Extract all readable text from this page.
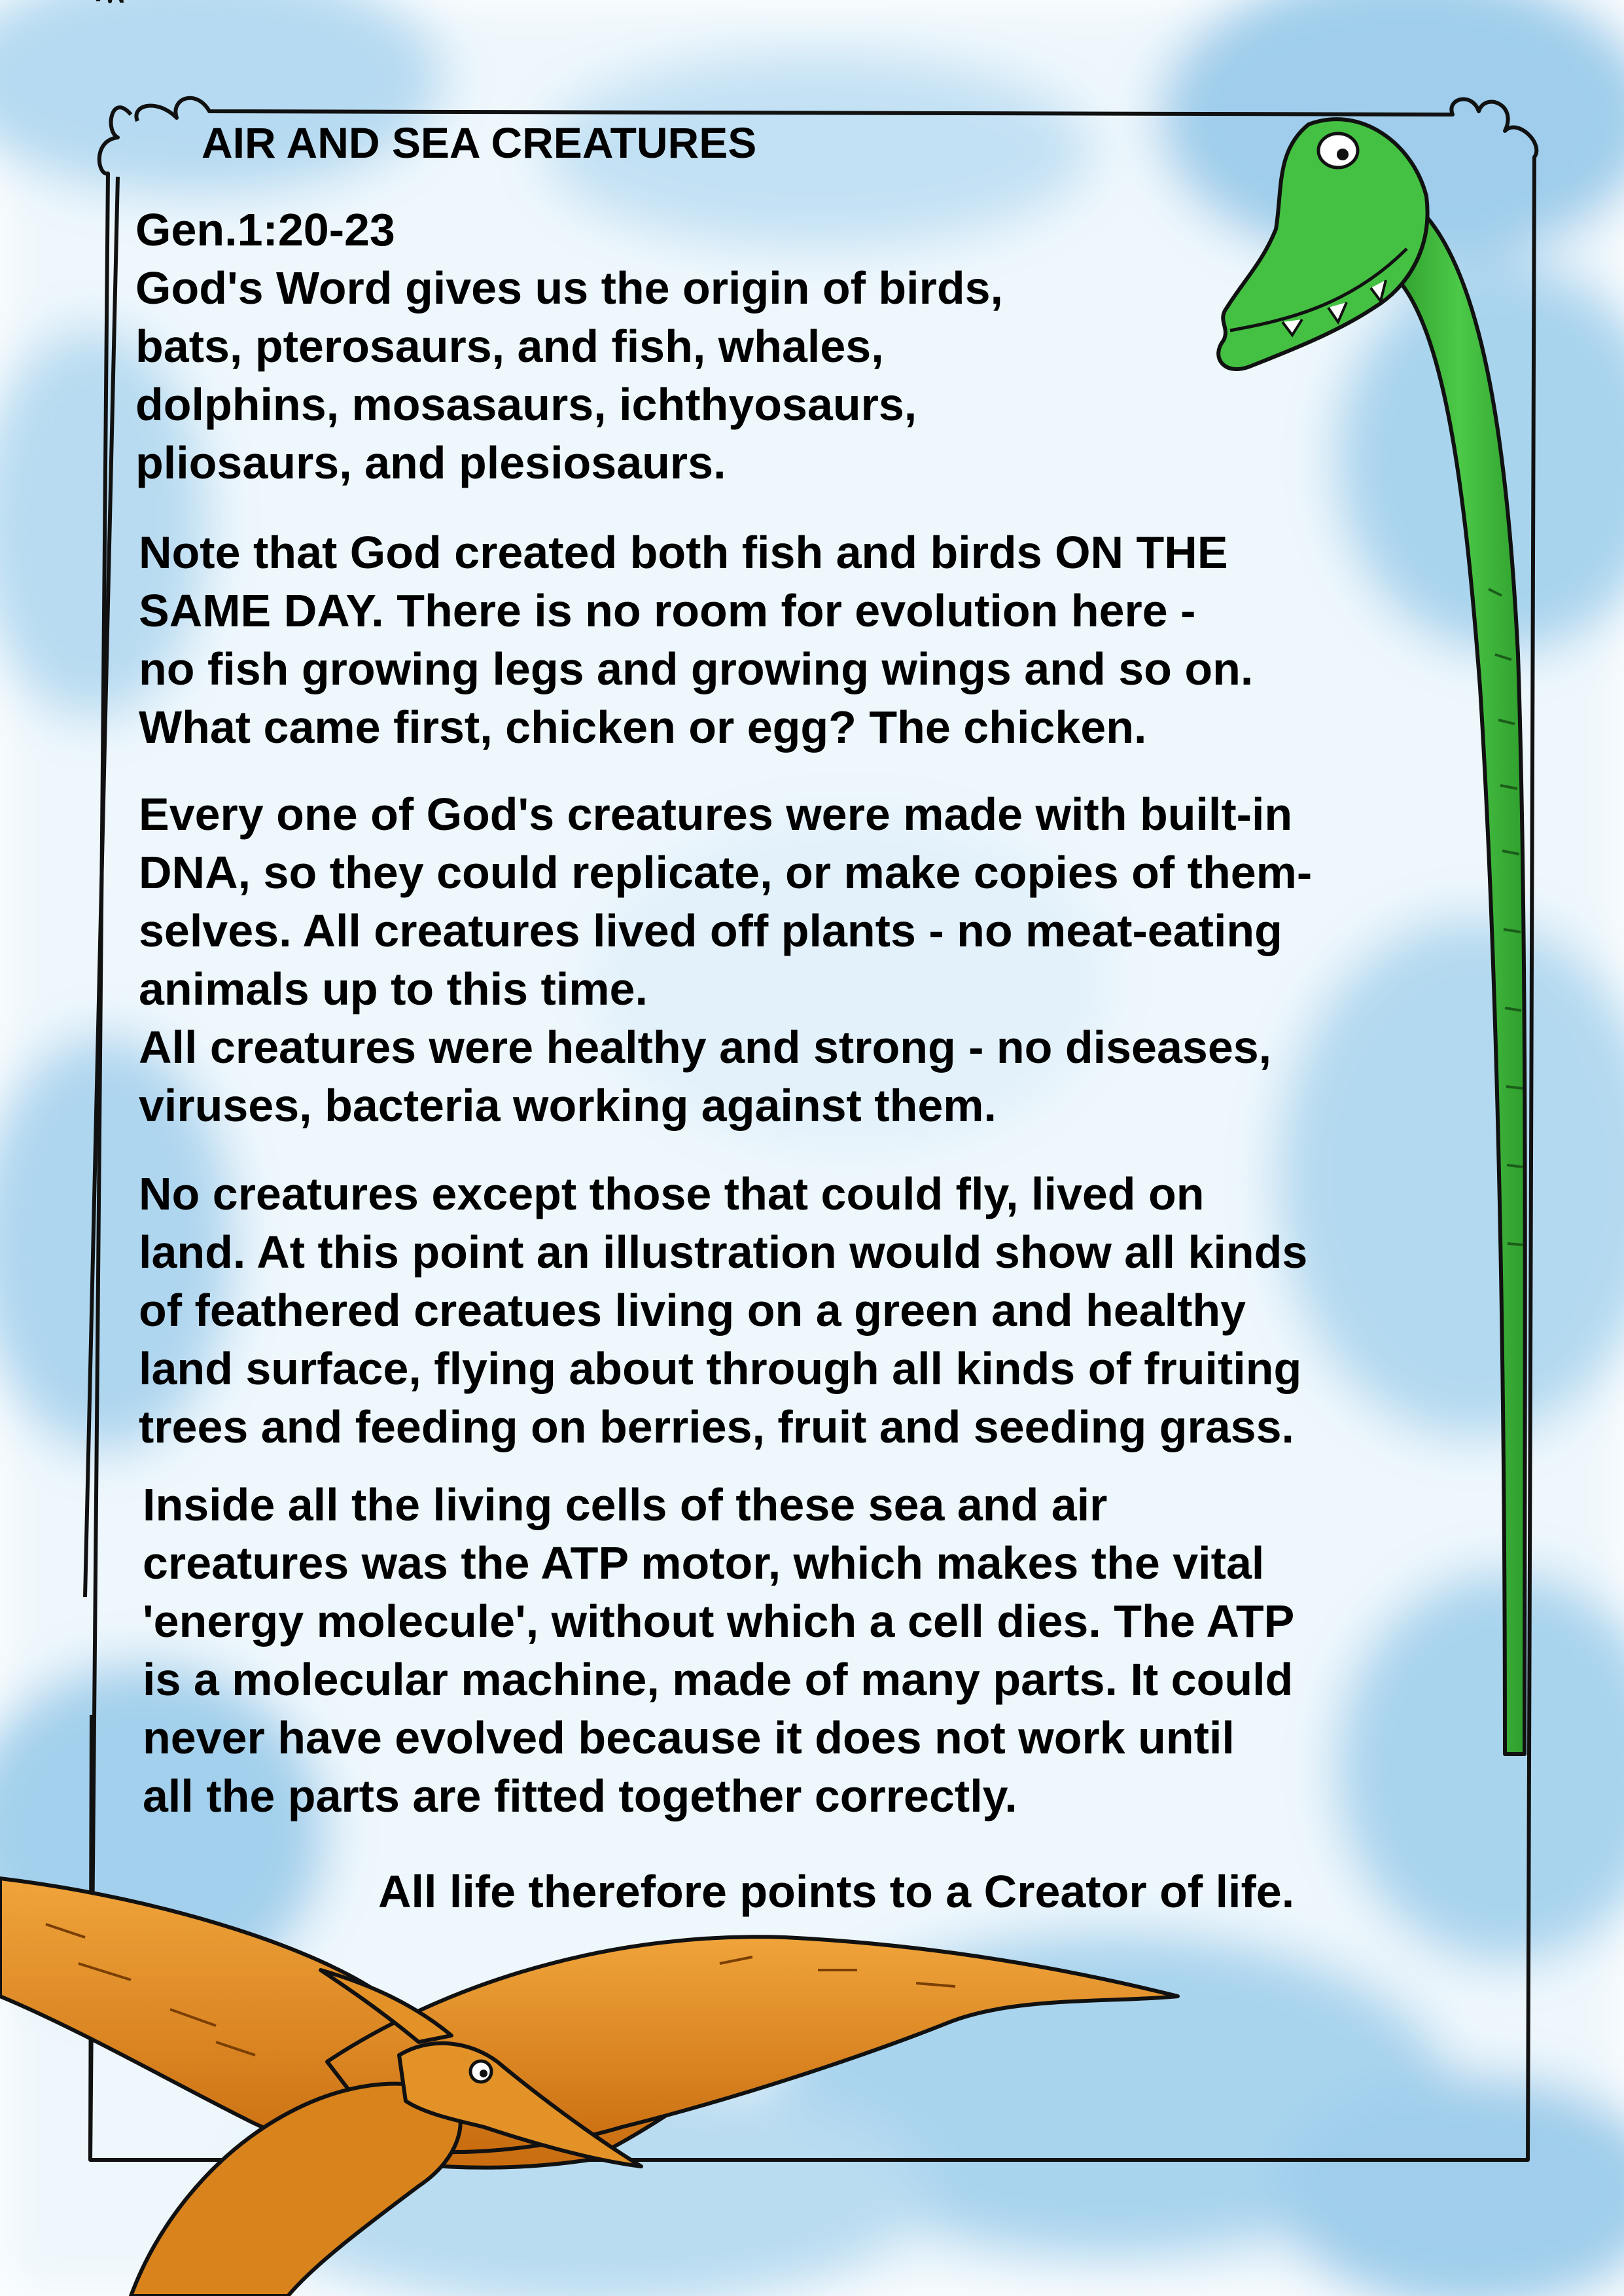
AIR AND SEA CREATURES
Gen.1:20-23
God's Word gives us the origin of birds,
bats, pterosaurs, and fish, whales,
dolphins, mosasaurs, ichthyosaurs,
pliosaurs, and plesiosaurs.
Note that God created both fish and birds ON THE
SAME DAY. There is no room for evolution here -
no fish growing legs and growing wings and so on.
What came first, chicken or egg? The chicken.
Every one of God's creatures were made with built-in
DNA, so they could replicate, or make copies of them-
selves. All creatures lived off plants - no meat-eating
animals up to this time.
All creatures were healthy and strong - no diseases,
viruses, bacteria working against them.
No creatures except those that could fly, lived on
land. At this point an illustration would show all kinds
of feathered creatues living on a green and healthy
land surface, flying about through all kinds of fruiting
trees and feeding on berries, fruit and seeding grass.
Inside all the living cells of these sea and air
creatures was the ATP motor, which makes the vital
'energy molecule', without which a cell dies. The ATP
is a molecular machine, made of many parts. It could
never have evolved because it does not work until
all the parts are fitted together correctly.
All life therefore points to a Creator of life.
